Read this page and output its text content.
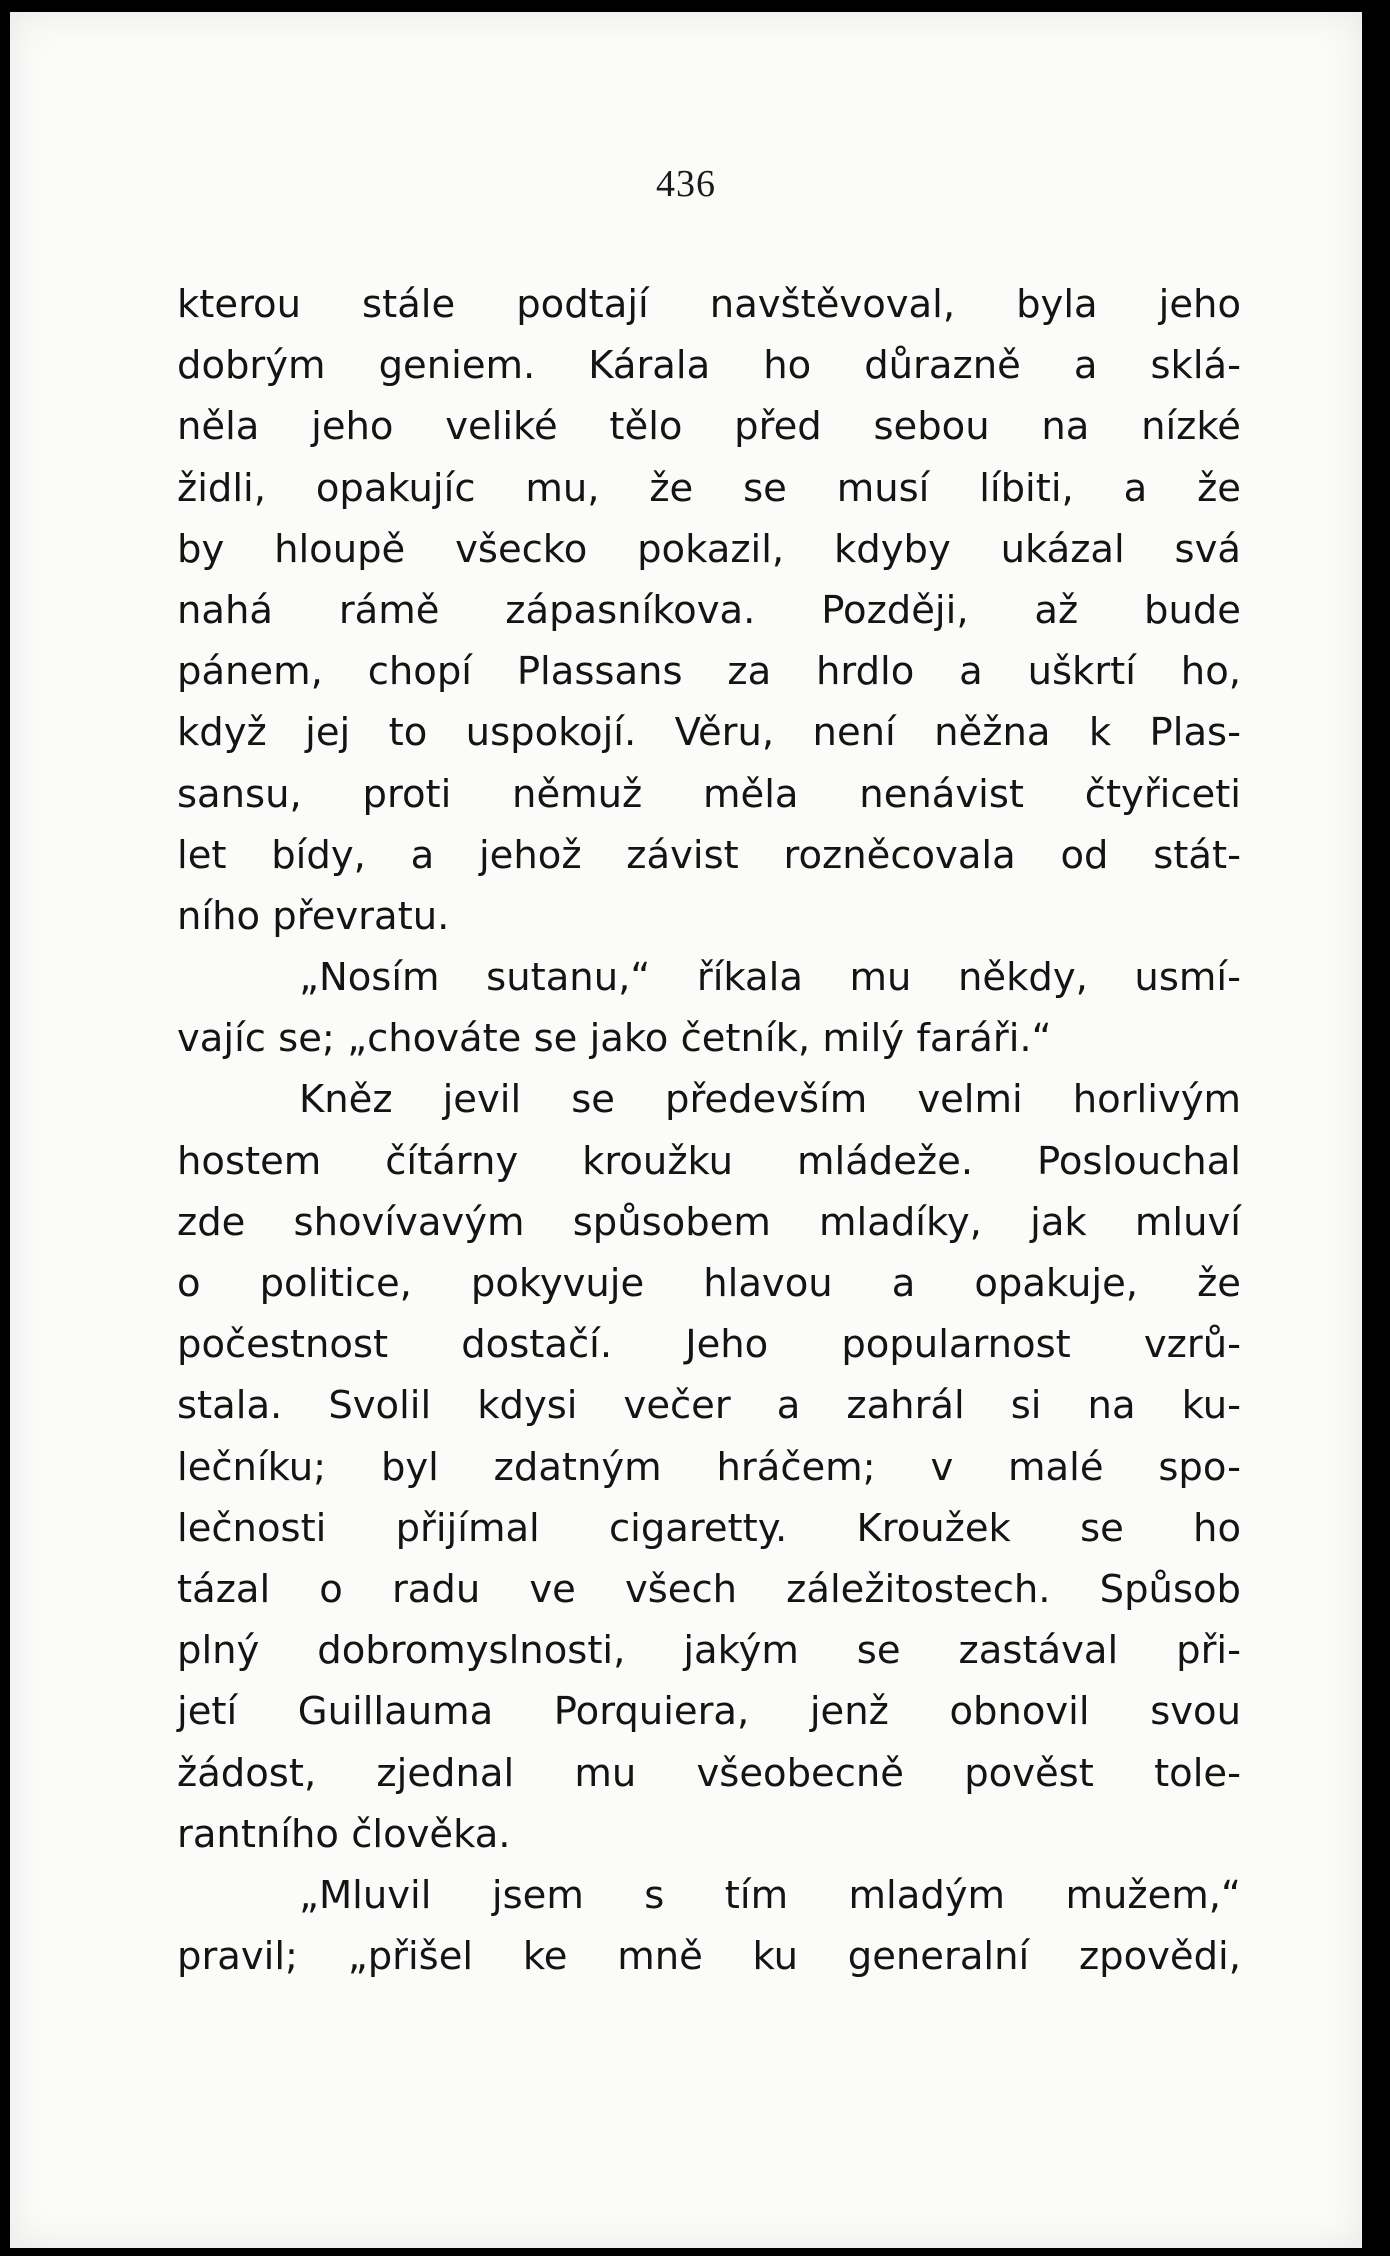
436
kterou stále podtají navštěvoval, byla jeho
dobrým geniem. Kárala ho důrazně a sklá-
něla jeho veliké tělo před sebou na nízké
židli, opakujíc mu, že se musí líbiti, a že
by hloupě všecko pokazil, kdyby ukázal svá
nahá rámě zápasníkova. Později, až bude
pánem, chopí Plassans za hrdlo a uškrtí ho,
když jej to uspokojí. Věru, není něžna k Plas-
sansu, proti němuž měla nenávist čtyřiceti
let bídy, a jehož závist rozněcovala od stát-
ního převratu.
„Nosím sutanu,“ říkala mu někdy, usmí-
vajíc se; „chováte se jako četník, milý faráři.“
Kněz jevil se především velmi horlivým
hostem čítárny kroužku mládeže. Poslouchal
zde shovívavým spůsobem mladíky, jak mluví
o politice, pokyvuje hlavou a opakuje, že
počestnost dostačí. Jeho popularnost vzrů-
stala. Svolil kdysi večer a zahrál si na ku-
lečníku; byl zdatným hráčem; v malé spo-
lečnosti přijímal cigaretty. Kroužek se ho
tázal o radu ve všech záležitostech. Spůsob
plný dobromyslnosti, jakým se zastával při-
jetí Guillauma Porquiera, jenž obnovil svou
žádost, zjednal mu všeobecně pověst tole-
rantního člověka.
„Mluvil jsem s tím mladým mužem,“
pravil; „přišel ke mně ku generalní zpovědi,
